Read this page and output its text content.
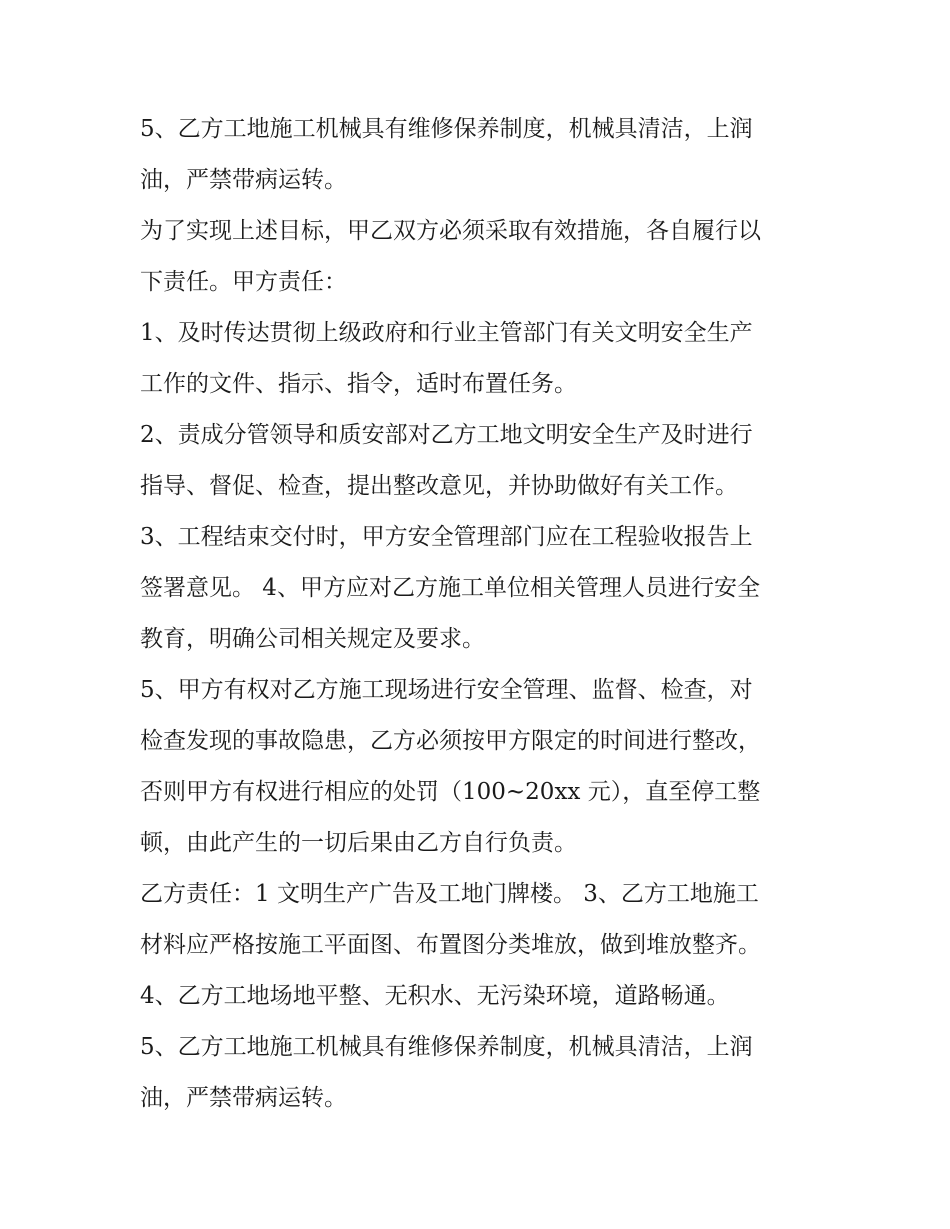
5、乙方工地施工机械具有维修保养制度，机械具清洁，上润
油，严禁带病运转。
为了实现上述目标，甲乙双方必须采取有效措施，各自履行以
下责任。甲方责任：
1、及时传达贯彻上级政府和行业主管部门有关文明安全生产
工作的文件、指示、指令，适时布置任务。
2、责成分管领导和质安部对乙方工地文明安全生产及时进行
指导、督促、检查，提出整改意见，并协助做好有关工作。
3、工程结束交付时，甲方安全管理部门应在工程验收报告上
签署意见。 4、甲方应对乙方施工单位相关管理人员进行安全
教育，明确公司相关规定及要求。
5、甲方有权对乙方施工现场进行安全管理、监督、检查，对
检查发现的事故隐患，乙方必须按甲方限定的时间进行整改，
否则甲方有权进行相应的处罚（100~20xx 元），直至停工整
顿，由此产生的一切后果由乙方自行负责。
乙方责任：1 文明生产广告及工地门牌楼。 3、乙方工地施工
材料应严格按施工平面图、布置图分类堆放，做到堆放整齐。
4、乙方工地场地平整、无积水、无污染环境，道路畅通。
5、乙方工地施工机械具有维修保养制度，机械具清洁，上润
油，严禁带病运转。
